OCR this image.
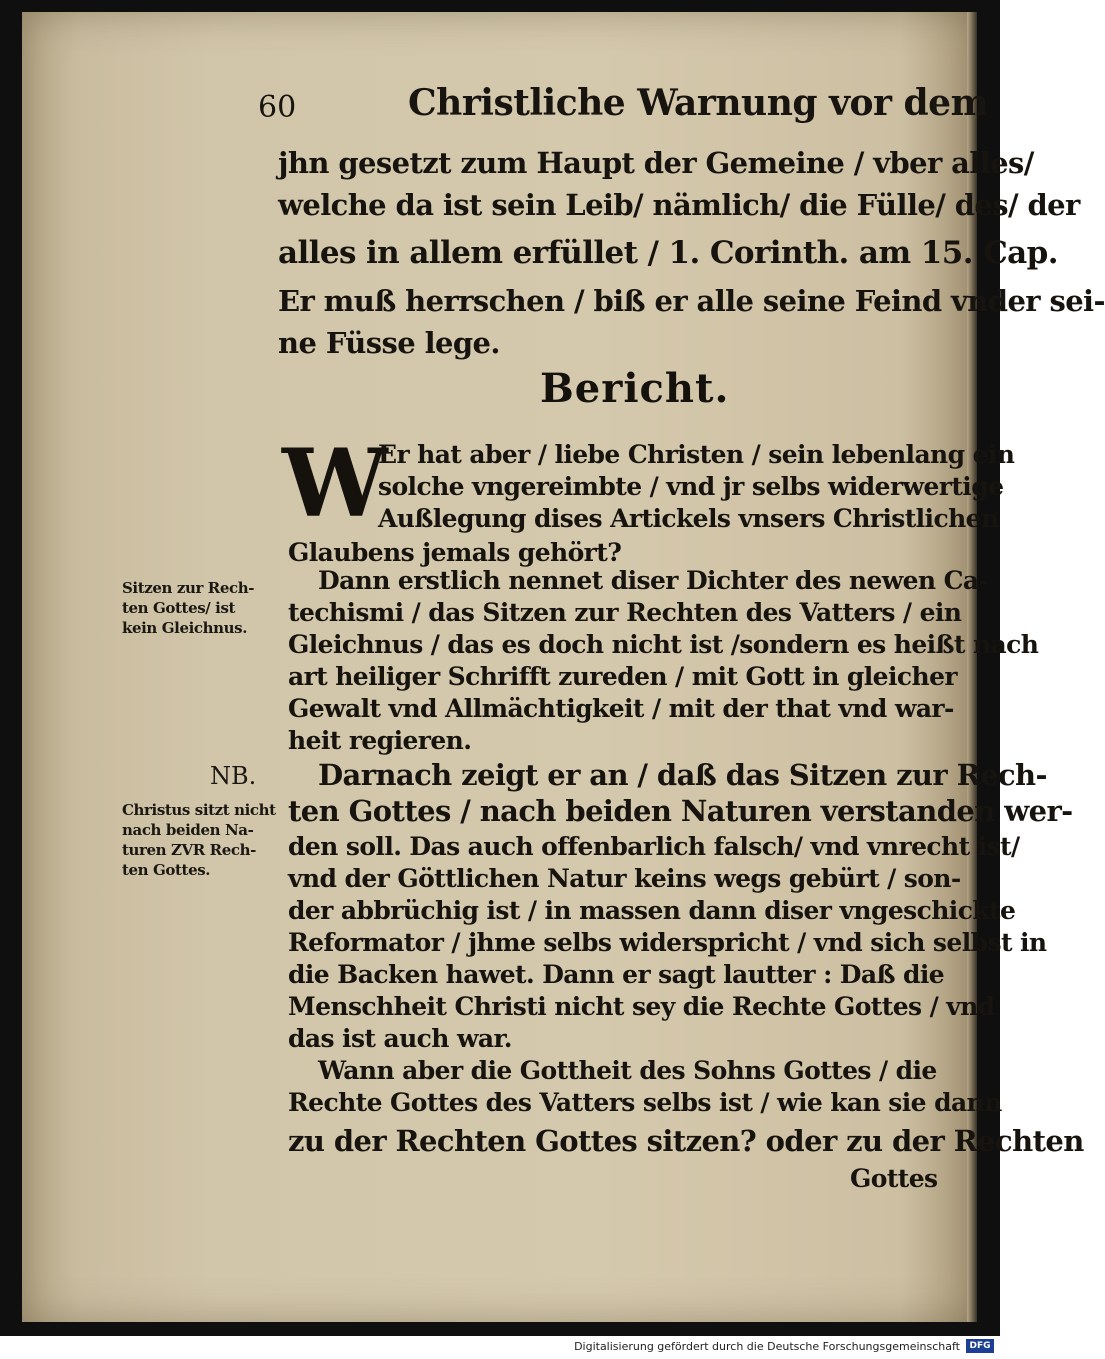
60	Christliche Warnung vor dem
jhn gesetzt zum Haupt der Gemeine / vber alles/
welche da ist sein Leib/ nämlich/ die Fülle/ des/ der
alles in allem erfüllet / 1. Corinth. am 15. Cap.
Er muß herrschen / biß er alle seine Feind vnder sei-
ne Füsse lege.
Bericht.
W
Er hat aber / liebe Christen / sein lebenlang ein
solche vngereimbte / vnd jr selbs widerwertige
Außlegung dises Artickels vnsers Christlichen
Glaubens jemals gehört?
Dann erstlich nennet diser Dichter des newen Ca-
techismi / das Sitzen zur Rechten des Vatters / ein
Gleichnus / das es doch nicht ist /sondern es heißt nach
art heiliger Schrifft zureden / mit Gott in gleicher
Gewalt vnd Allmächtigkeit / mit der that vnd war-
heit regieren.
Darnach zeigt er an / daß das Sitzen zur Rech-
ten Gottes / nach beiden Naturen verstanden wer-
den soll. Das auch offenbarlich falsch/ vnd vnrecht ist/
vnd der Göttlichen Natur keins wegs gebürt / son-
der abbrüchig ist / in massen dann diser vngeschickte
Reformator / jhme selbs widerspricht / vnd sich selbst in
die Backen hawet. Dann er sagt lautter : Daß die
Menschheit Christi nicht sey die Rechte Gottes / vnd
das ist auch war.
Wann aber die Gottheit des Sohns Gottes / die
Rechte Gottes des Vatters selbs ist / wie kan sie dann
zu der Rechten Gottes sitzen? oder zu der Rechten
Gottes
Sitzen zur Rech-
ten Gottes/ ist
kein Gleichnus.
NB.
Christus sitzt nicht
nach beiden Na-
turen ZVR Rech-
ten Gottes.
Digitalisierung gefördert durch die Deutsche Forschungsgemeinschaft	DFG
